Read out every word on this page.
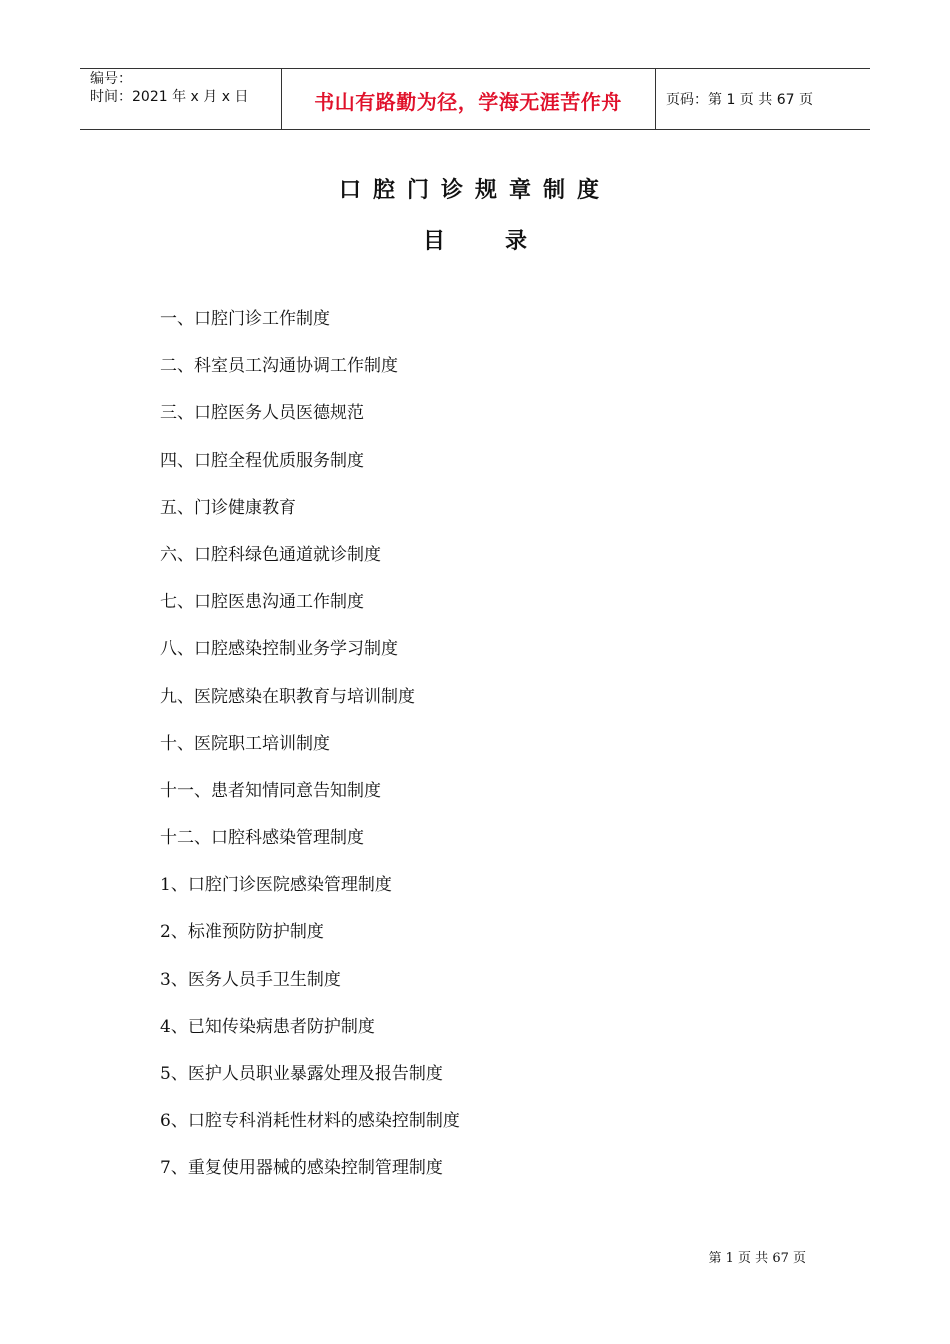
编号：
时间：2021 年 x 月 x 日	书山有路勤为径，学海无涯苦作舟	页码：第 1 页 共 67 页
口腔门诊规章制度
目录
一、口腔门诊工作制度
二、科室员工沟通协调工作制度
三、口腔医务人员医德规范
四、口腔全程优质服务制度
五、门诊健康教育
六、口腔科绿色通道就诊制度
七、口腔医患沟通工作制度
八、口腔感染控制业务学习制度
九、医院感染在职教育与培训制度
十、医院职工培训制度
十一、患者知情同意告知制度
十二、口腔科感染管理制度
1、口腔门诊医院感染管理制度
2、标准预防防护制度
3、医务人员手卫生制度
4、已知传染病患者防护制度
5、医护人员职业暴露处理及报告制度
6、口腔专科消耗性材料的感染控制制度
7、重复使用器械的感染控制管理制度
第 1 页 共 67 页
